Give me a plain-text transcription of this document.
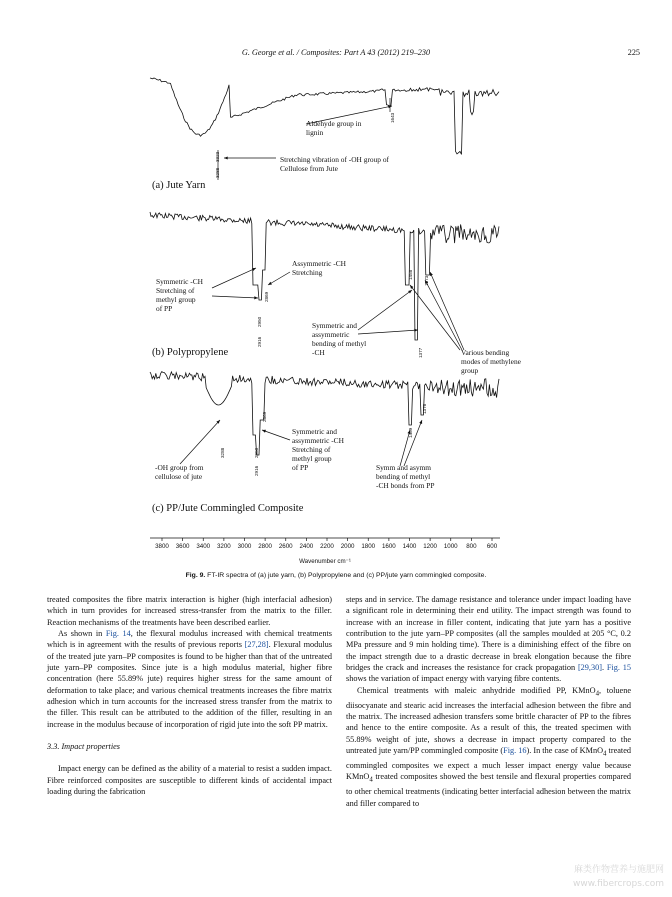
G. George et al. / Composites: Part A 43 (2012) 219–230	225
3323
3288
1643
Aldehyde group in
lignin
Stretching vibration of -OH group of
Cellulose from Jute
(a) Jute Yarn
Symmetric -CH
Stretching of
methyl group
of PP
Assymmetric -CH
Stretching
Symmetric and
assymmetric
bending of methyl
-CH	Various bending
modes of methylene
group
2950
2916
2869
1458
1377
1373
(b) Polypropylene
-OH group from
cellulose of jute
Symmetric and
assymmetric -CH
Stretching of
methyl group
of PP	Symm and asymm
bending of methyl
-CH bonds from PP
3288	2950
2916
2869
1459
1376
(c) PP/Jute Commingled Composite
3800 3600 3400 3200 3000 2800 2600 2400 2200 2000 1800 1600 1400 1200 1000 800 600
Wavenumber cm⁻¹
Fig. 9. FT-IR spectra of (a) jute yarn, (b) Polypropylene and (c) PP/jute yarn commingled composite.

treated composites the fibre matrix interaction is higher (high interfacial adhesion) which in turn provides for increased stress-transfer from the matrix to the filler. Reaction mechanisms of the treatments have been described earlier.

As shown in Fig. 14, the flexural modulus increased with chemical treatments which is in agreement with the results of previous reports [27,28]. Flexural modulus of the treated jute yarn–PP composites is found to be higher than that of the untreated jute yarn–PP composites. Since jute is a high modulus material, higher fibre concentration (here 55.89% jute) requires higher stress for the same amount of deformation to take place; and various chemical treatments increases the fibre matrix adhesion which in turn accounts for the increased stress transfer from the matrix to the filler. This result can be attributed to the addition of the filler, resulting in an increase in the modulus because of incorporation of rigid jute into the soft PP matrix.

3.3. Impact properties

Impact energy can be defined as the ability of a material to resist a sudden impact. Fibre reinforced composites are susceptible to different kinds of accidental impact loading during the fabrication

steps and in service. The damage resistance and tolerance under impact loading have a significant role in determining their end utility. The impact strength was found to increase with an increase in filler content, indicating that jute yarn has a positive contribution to the jute yarn–PP composites (all the samples moulded at 205 °C, 0.2 MPa pressure and 9 min holding time). There is a diminishing effect of the fibre on the impact strength due to a drastic decrease in break elongation because the fibre bridges the crack and increases the resistance for crack propagation [29,30]. Fig. 15 shows the variation of impact energy with varying fibre contents.

Chemical treatments with maleic anhydride modified PP, KMnO$_4$, toluene diisocyanate and stearic acid increases the interfacial adhesion between the fibre and the matrix. The increased adhesion transfers some brittle character of PP to the fibres and hence to the entire composite. As a result of this, the treated specimen with 55.89% weight of jute, shows a decrease in impact property compared to the untreated jute yarn/PP commingled composite (Fig. 16). In the case of KMnO$_4$ treated commingled composites we expect a much lesser impact energy value because KMnO$_4$ treated composites showed the best tensile and flexural properties compared to other chemical treatments (indicating better interfacial adhesion between the matrix and filler compared to

麻类作物营养与施肥网
www.fibercrops.com
